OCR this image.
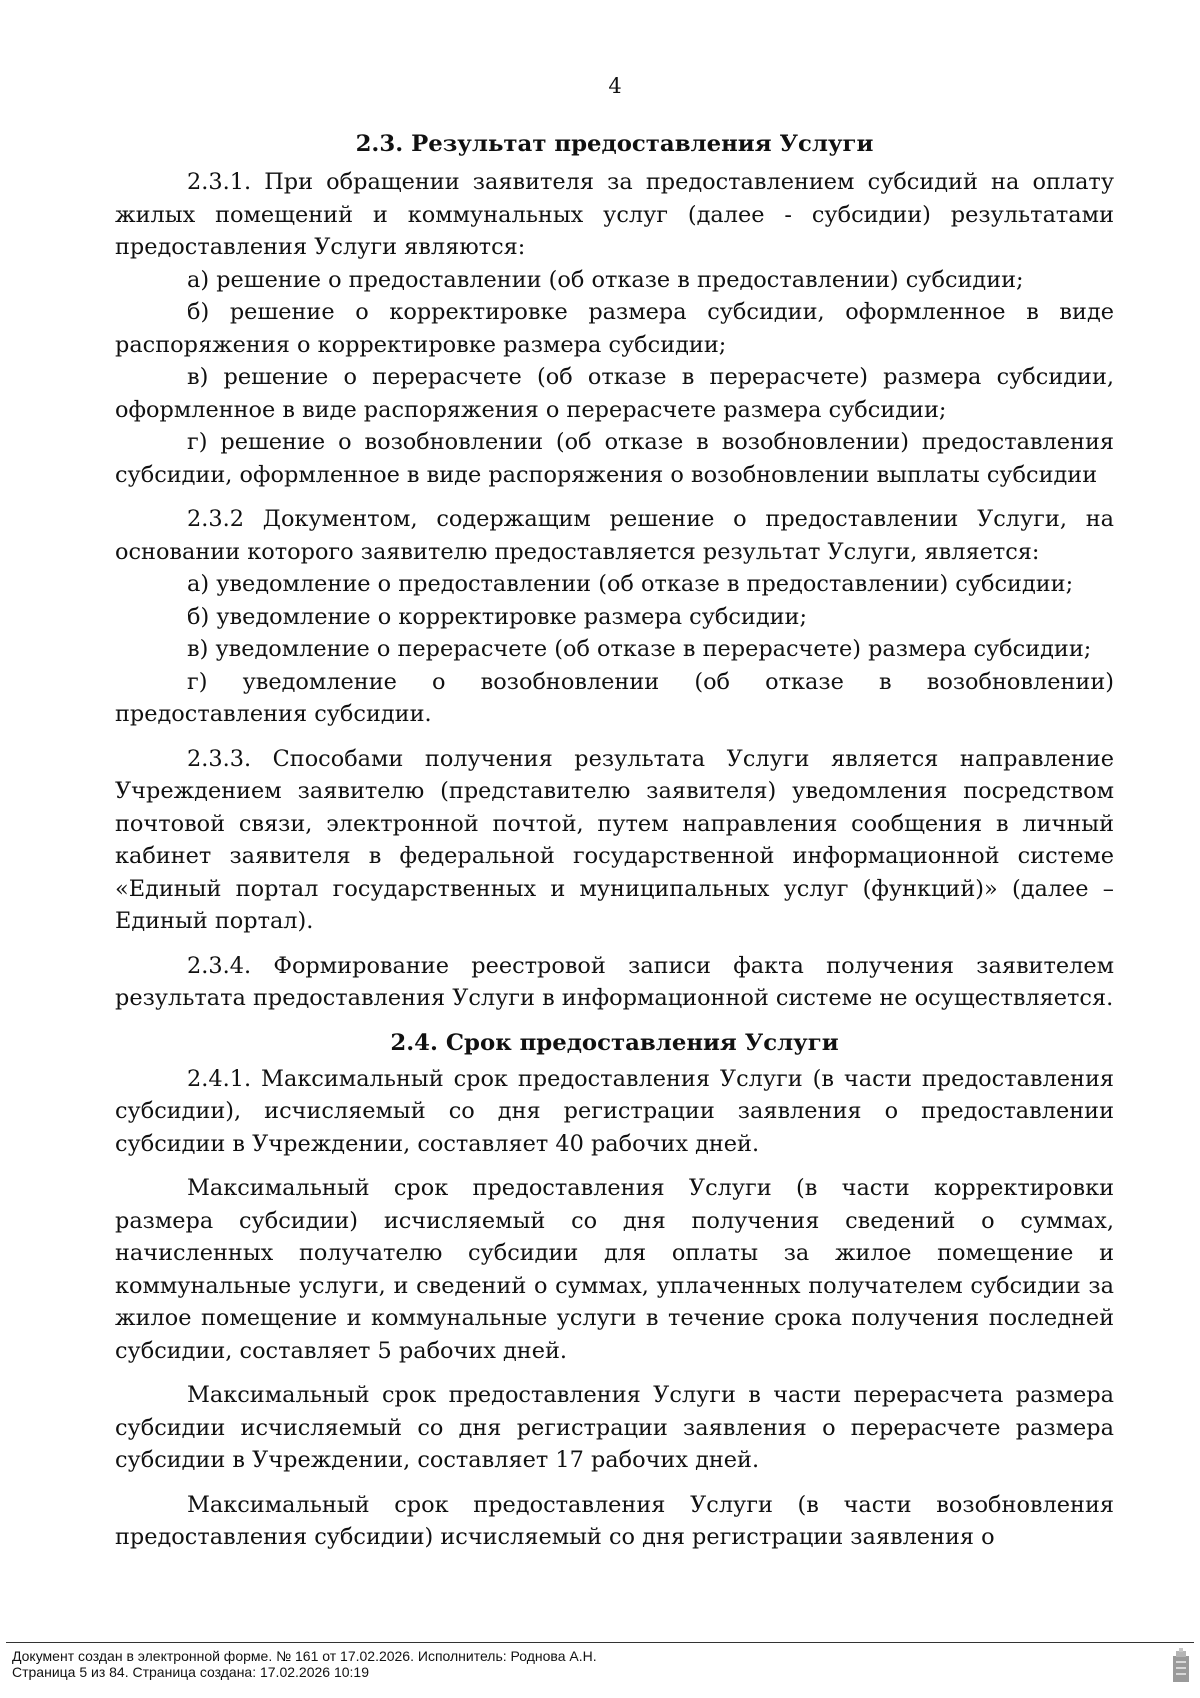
4
2.3. Результат предоставления Услуги

2.3.1. При обращении заявителя за предоставлением субсидий на оплату жилых помещений и коммунальных услуг (далее - субсидии) результатами предоставления Услуги являются:

а) решение о предоставлении (об отказе в предоставлении) субсидии;

б) решение о корректировке размера субсидии, оформленное в виде распоряжения о корректировке размера субсидии;

в) решение о перерасчете (об отказе в перерасчете) размера субсидии, оформленное в виде распоряжения о перерасчете размера субсидии;

г) решение о возобновлении (об отказе в возобновлении) предоставления субсидии, оформленное в виде распоряжения о возобновлении выплаты субсидии

2.3.2 Документом, содержащим решение о предоставлении Услуги, на основании которого заявителю предоставляется результат Услуги, является:

а) уведомление о предоставлении (об отказе в предоставлении) субсидии;

б) уведомление о корректировке размера субсидии;

в) уведомление о перерасчете (об отказе в перерасчете) размера субсидии;

г) уведомление о возобновлении (об отказе в возобновлении) предоставления субсидии.

2.3.3. Способами получения результата Услуги является направление Учреждением заявителю (представителю заявителя) уведомления посредством почтовой связи, электронной почтой, путем направления сообщения в личный кабинет заявителя в федеральной государственной информационной системе «Единый портал государственных и муниципальных услуг (функций)» (далее – Единый портал).

2.3.4. Формирование реестровой записи факта получения заявителем результата предоставления Услуги в информационной системе не осуществляется.

2.4. Срок предоставления Услуги

2.4.1. Максимальный срок предоставления Услуги (в части предоставления субсидии), исчисляемый со дня регистрации заявления о предоставлении субсидии в Учреждении, составляет 40 рабочих дней.

Максимальный срок предоставления Услуги (в части корректировки размера субсидии) исчисляемый со дня получения сведений о суммах, начисленных получателю субсидии для оплаты за жилое помещение и коммунальные услуги, и сведений о суммах, уплаченных получателем субсидии за жилое помещение и коммунальные услуги в течение срока получения последней субсидии, составляет 5 рабочих дней.

Максимальный срок предоставления Услуги в части перерасчета размера субсидии исчисляемый со дня регистрации заявления о перерасчете размера субсидии в Учреждении, составляет 17 рабочих дней.

Максимальный срок предоставления Услуги (в части возобновления предоставления субсидии) исчисляемый со дня регистрации заявления о

Документ создан в электронной форме. № 161 от 17.02.2026. Исполнитель: Роднова А.Н.
Страница 5 из 84. Страница создана: 17.02.2026 10:19
